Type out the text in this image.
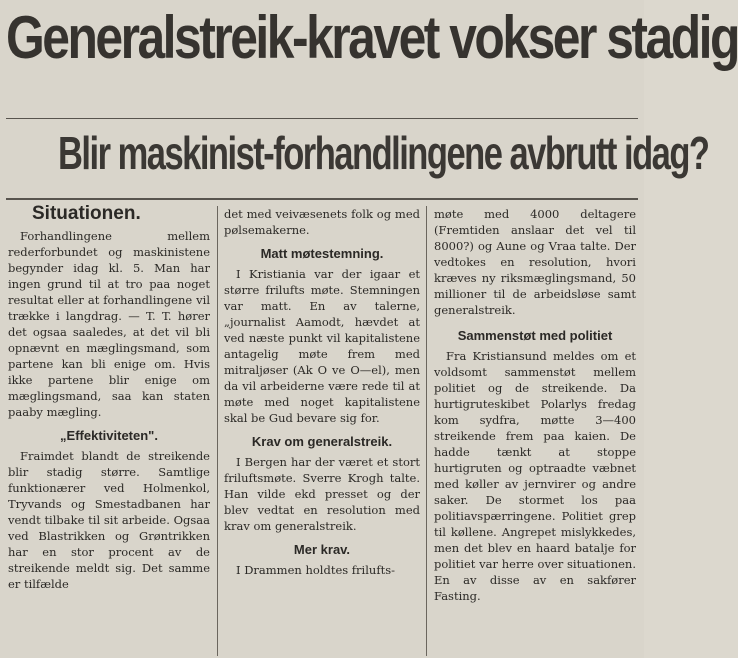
Generalstreik-kravet vokser stadig
Blir maskinist-forhandlingene avbrutt idag?
Situationen.

Forhandlingene mellem rederforbundet og maskinistene begynder idag kl. 5. Man har ingen grund til at tro paa noget resultat eller at forhandlingene vil trække i langdrag. — T. T. hører det ogsaa saaledes, at det vil bli opnævnt en mæglingsmand, som partene kan bli enige om. Hvis ikke partene blir enige om mæglingsmand, saa kan staten paaby mægling.

„Effektiviteten".

Fraimdet blandt de streikende blir stadig større. Samtlige funktionærer ved Holmenkol, Tryvands og Smestadbanen har vendt tilbake til sit arbeide. Ogsaa ved Blastrikken og Grøntrikken har en stor procent av de streikende meldt sig. Det samme er tilfælde

det med veivæsenets folk og med pølsemakerne.

Matt møtestemning.

I Kristiania var der igaar et større frilufts møte. Stemningen var matt. En av talerne, „journalist Aamodt, hævdet at ved næste punkt vil kapitalistene antagelig møte frem med mitraljøser (Ak O ve O—el), men da vil arbeiderne være rede til at møte med noget kapitalistene skal be Gud bevare sig for.

Krav om generalstreik.

I Bergen har der været et stort friluftsmøte. Sverre Krogh talte. Han vilde ekd presset og der blev vedtat en resolution med krav om generalstreik.

Mer krav.

I Drammen holdtes frilufts-

møte med 4000 deltagere (Fremtiden anslaar det vel til 8000?) og Aune og Vraa talte. Der vedtokes en resolution, hvori kræves ny riksmæglingsmand, 50 millioner til de arbeidsløse samt generalstreik.

Sammenstøt med politiet

Fra Kristiansund meldes om et voldsomt sammenstøt mellem politiet og de streikende. Da hurtigruteskibet Polarlys fredag kom sydfra, møtte 3—400 streikende frem paa kaien. De hadde tænkt at stoppe hurtigruten og optraadte væbnet med køller av jernvirer og andre saker. De stormet los paa politiavspærringene. Politiet grep til køllene. Angrepet mislykkedes, men det blev en haard batalje for politiet var herre over situationen. En av disse av en sakfører Fasting.
